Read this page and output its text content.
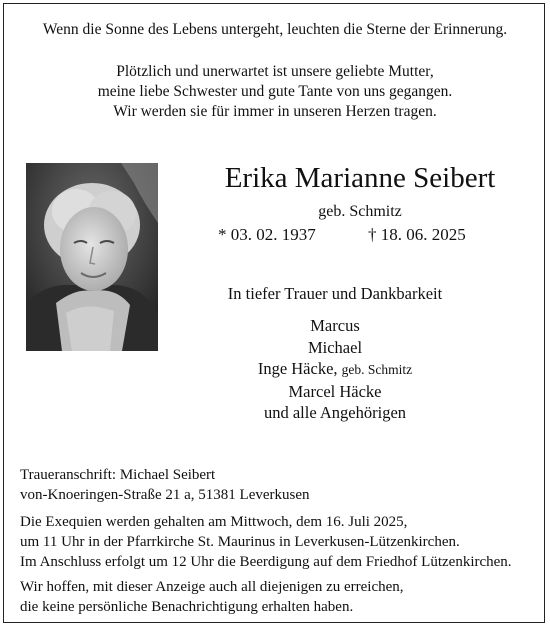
Wenn die Sonne des Lebens untergeht, leuchten die Sterne der Erinnerung.
Plötzlich und unerwartet ist unsere geliebte Mutter,
meine liebe Schwester und gute Tante von uns gegangen.
Wir werden sie für immer in unseren Herzen tragen.
Erika Marianne Seibert
geb. Schmitz
* 03. 02. 1937	† 18. 06. 2025
In tiefer Trauer und Dankbarkeit
Marcus
Michael
Inge Häcke, geb. Schmitz
Marcel Häcke
und alle Angehörigen
Traueranschrift: Michael Seibert
von-Knoeringen-Straße 21 a, 51381 Leverkusen
Die Exequien werden gehalten am Mittwoch, dem 16. Juli 2025,
um 11 Uhr in der Pfarrkirche St. Maurinus in Leverkusen-Lützenkirchen.
Im Anschluss erfolgt um 12 Uhr die Beerdigung auf dem Friedhof Lützenkirchen.
Wir hoffen, mit dieser Anzeige auch all diejenigen zu erreichen,
die keine persönliche Benachrichtigung erhalten haben.
